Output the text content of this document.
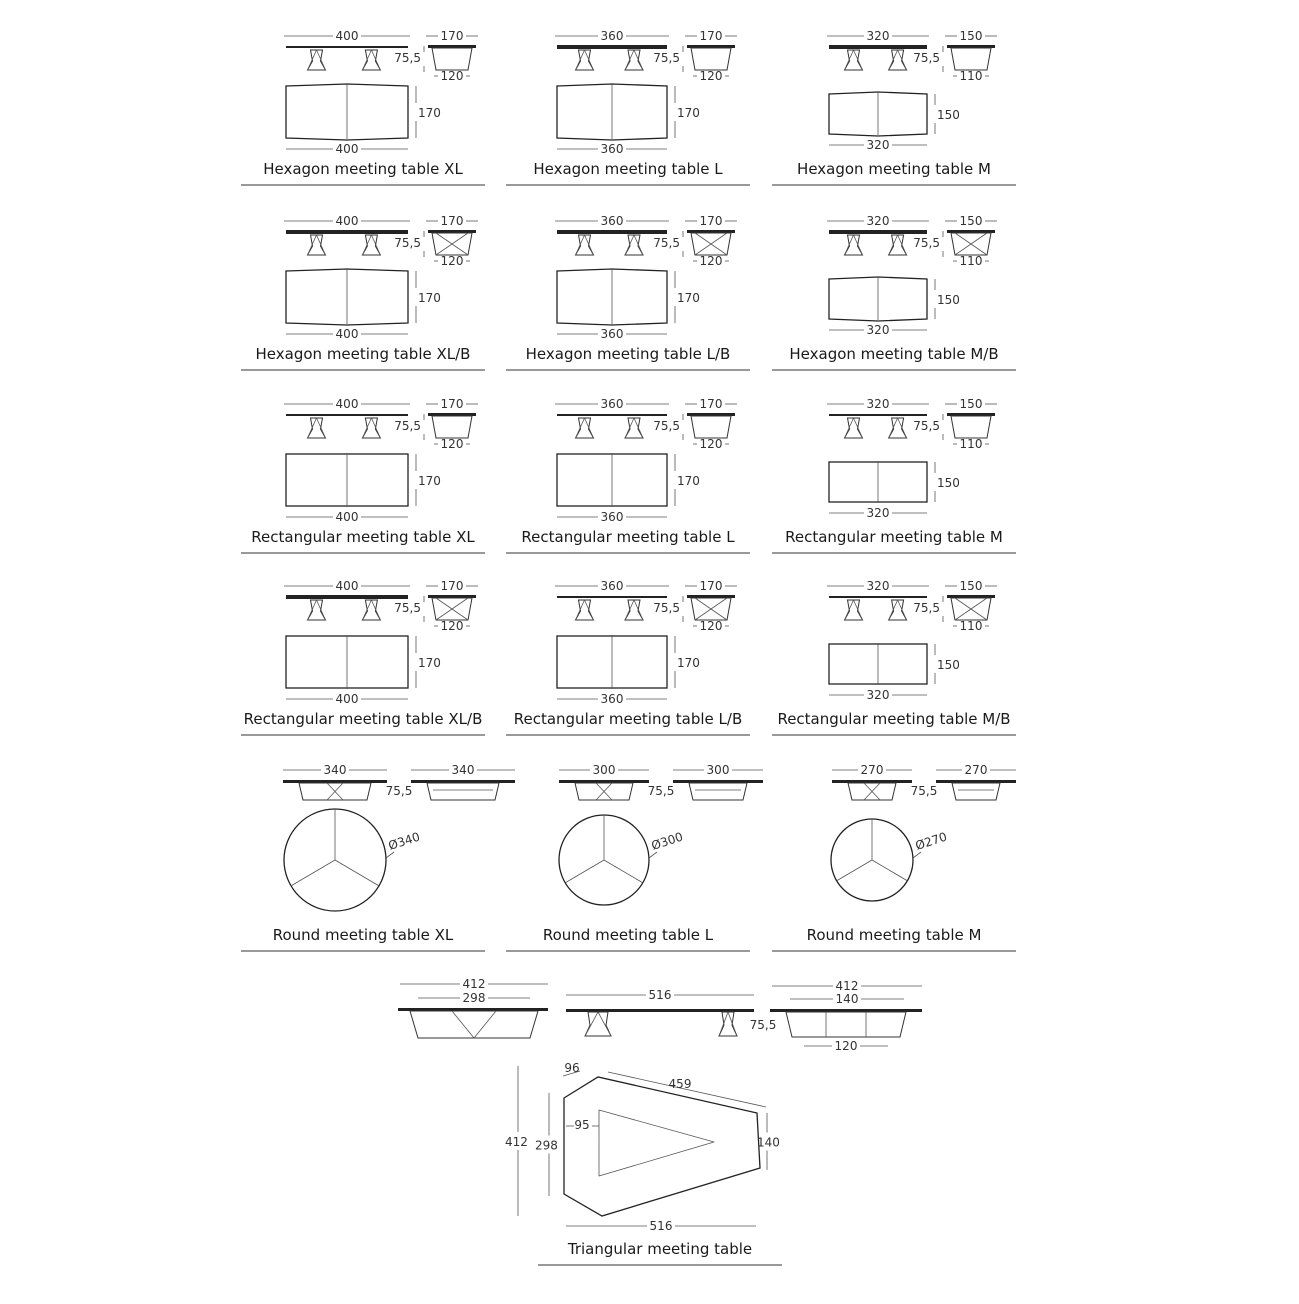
400	170
75,5
120
170
400
Hexagon meeting table XL
360	170
75,5
120
170
360
Hexagon meeting table L
320	150
75,5
110
150
320
Hexagon meeting table M
400	170
75,5
120
170
400
Hexagon meeting table XL/B
360	170
75,5
120
170
360
Hexagon meeting table L/B
320	150
75,5
110
150
320
Hexagon meeting table M/B
400	170
75,5
120
170
400
Rectangular meeting table XL
360	170
75,5
120
170
360
Rectangular meeting table L
320	150
75,5
110
150
320
Rectangular meeting table M
400	170
75,5
120
170
400
Rectangular meeting table XL/B
360	170
75,5
120
170
360
Rectangular meeting table L/B
320	150
75,5
110
150
320
Rectangular meeting table M/B
340
75,5
340
Ø340
Round meeting table XL
300
75,5
300
Ø300
Round meeting table L
270
75,5
270
Ø270
Round meeting table M
412
298	516
412
140
75,5
120
96
459
140
412 298
95
516
Triangular meeting table
